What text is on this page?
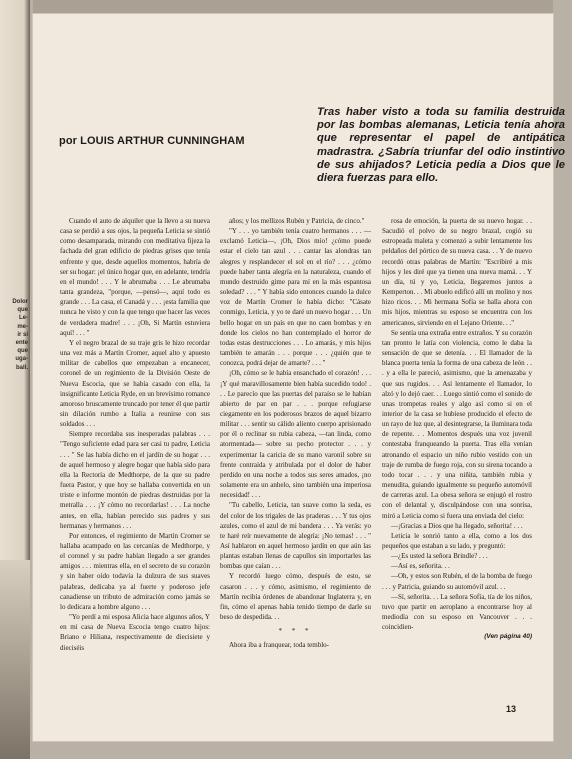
Dolor
que
Le-
me-
ir si
ente
que
uga-
ball.

Tras haber visto a toda su familia destruida por las bombas alemanas, Leticia tenía ahora que representar el papel de antipática madrastra. ¿Sabría triunfar del odio instintivo de sus ahijados? Leticia pedía a Dios que le diera fuerzas para ello.

por LOUIS ARTHUR CUNNINGHAM

Cuando el auto de alquiler que la llevo a su nueva casa se perdió a sus ojos, la pequeña Leticia se sintió como desamparada, mirando con meditativa fijeza la fachada del gran edificio de piedras grises que tenía enfrente y que, desde aquellos momentos, habría de ser su hogar: ¡el único hogar que, en adelante, tendría en el mundo! . . . Y le abrumaba . . . Le abrumaba tanta grandeza, "porque, —pensó—, aquí todo es grande . . . La casa, el Canadá y . . . ¡esta familia que nunca he visto y con la que tengo que hacer las veces de verdadera madre! . . . ¡Oh, Si Martín estuviera aquí! . . . "

Y el negro brazal de su traje gris le hizo recordar una vez más a Martín Cromer, aquel alto y apuesto militar de cabellos que empezaban a encanecer, coronel de un regimiento de la División Oeste de Nueva Escocia, que se había casado con ella, la insignificante Leticia Ryde, en un brevísimo romance amoroso bruscamente truncado por tener él que partir sin dilación rumbo a Italia a reunirse con sus soldados . . .

Siempre recordaba sus inesperadas palabras . . . "Tengo suficiente edad para ser casi tu padre, Leticia . . . " Se las había dicho en el jardín de su hogar . . . de aquel hermoso y alegre hogar que había sido para ella la Rectoría de Medthorpe, de la que su padre fuera Pastor, y que hoy se hallaba convertida en un triste e informe montón de piedras destruidas por la metralla . . . ¡Y cómo no recordarlas! . . . La noche antes, en ella, habían perecido sus padres y sus hermanas y hermanos . . .

Por entonces, el regimiento de Martín Cromer se hallaba acampado en las cercanías de Medthorpe, y el coronel y su padre habían llegado a ser grandes amigos . . . mientras ella, en el secreto de su corazón y sin haber oído todavía la dulzura de sus suaves palabras, dedicaba ya al fuerte y poderoso jefe canadiense un tributo de admiración como jamás se lo dedicara a hombre alguno . . .

"Yo perdí a mi esposa Alicia hace algunos años, Y en mi casa de Nueva Escocia tengo cuatro hijos: Briano e Hiliana, respectivamente de diecisiete y dieciséis

años; y los mellizos Rubén y Patricia, de cinco."

"Y . . . yo también tenía cuatro hermanos . . . —exclamó Leticia—, ¡Oh, Dios mío! ¿cómo puede estar el cielo tan azul . . . cantar las alondras tan alegres y resplandecer el sol en el río? . . . ¿cómo puede haber tanta alegría en la naturaleza, cuando el mundo destruido gime para mí en la más espantosa soledad? . . . " Y había sido entonces cuando la dulce voz de Martín Cromer le había dicho: "Cásate conmigo, Leticia, y yo te daré un nuevo hogar . . . Un bello hogar en un país en que no caen bombas y en donde los cielos no han contemplado el horror de todas estas destrucciones . . . Lo amarás, y mis hijos también te amarán . . . porque . . . ¿quién que te conozca, podrá dejar de amarte? . . . "

¡Oh, cómo se le había ensanchado el corazón! . . . ¡Y qué maravillosamente bien había sucedido todo! . . . Le parecío que las puertas del paraíso se le habían abierto de par en par . . . porque refugiarse ciegamente en los poderosos brazos de aquel bizarro militar . . . sentir su cálido aliento cuerpo aprisionado por él o reclinar su rubia cabeza, —tan linda, como atormentada— sobre su pecho protector . . . y experimentar la caricia de su mano varonil sobre su frente contraída y atribulada por el dolor de haber perdido en una noche a todos sus seres amados, ¡no solamente era un anhelo, sino también una imperiosa necesidad! . . .

"Tu cabello, Leticia, tan suave como la seda, es del color de los trigales de las praderas . . . Y tus ojos azules, como el azul de mi bandera . . . Ya verás: yo te haré reír nuevamente de alegría: ¡No temas! . . . " Así hablaron en aquel hermoso jardín en que aún las plantas estaban llenas de capullos sin importarles las bombas que caían . . .

Y recordó luego cómo, después de esto, se casaron . . . y cómo, asimismo, el regimiento de Martín recibía órdenes de abandonar Inglaterra y, en fin, cómo el apenas había tenido tiempo de darle su beso de despedida. . .

* * *

Ahora iba a franquear, toda temblo-

rosa de emoción, la puerta de su nuevo hogar. . . Sacudió el polvo de su negro brazal, cogió su estropeada maleta y comenzó a subir lentamente los peldaños del pórtico de su nueva casa. . . Y de nuevo recordó otras palabras de Martín: "Escribiré a mis hijos y les diré que ya tienen una nueva mamá. . . Y un día, tú y yo, Leticia, llegaremos juntos a Kemperton. . . Mi abuelo edificó allí un molino y nos hizo ricos. . . Mi hermana Sofía se halla ahora con mis hijos, mientras su esposo se encuentra con los americanos, sirviendo en el Lejano Oriente. . ."

Se sentía una extraña entre extraños. Y su corazón tan pronto le latía con violencia, como le daba la sensación de que se detenía. . . El llamador de la blanca puerta tenía la forma de una cabeza de león . . . y a ella le pareció, asimismo, que la amenazaba y que sus rugidos. . . Así lentamente el llamador, lo alzó y lo dejó caer. . . Luego sintió como el sonido de unas trompetas reales y algo así como si en el interior de la casa se hubiese producido el efecto de un rayo de luz que, al desintegrarse, la iluminara toda de repente. . . Momentos después una voz juvenil contestaba franqueando la puerta. Tras ella venían atronando el espacio un niño rubio vestido con un traje de rumba de fuego roja, con su sirena tocando a todo tocar . . . y una niñita, también rubia y menudita, guiando igualmente su pequeño automóvil de carreras azul. La obesa señora se enjugó el rostro con el delantal y, disculpándose con una sonrisa, miró a Leticia como si fuera una enviada del cielo:

—¡Gracias a Dios que ha llegado, señorita! . . .

Leticia le sonrió tanto a ella, como a los dos pequeños que estaban a su lado, y preguntó:

—¿Es usted la señora Brindle? . . .

—Así es, señorita. . .

—Oh, y estos son Rubén, el de la bomba de fuego . . . y Patricia, guiando su automóvil azul. . .

—Sí, señorita. . . La señora Sofía, tía de los niños, tuvo que partir en aeroplano a encontrarse hoy al mediodía con su esposo en Vancouver . . . coincidien-

(Ven página 40)

13
